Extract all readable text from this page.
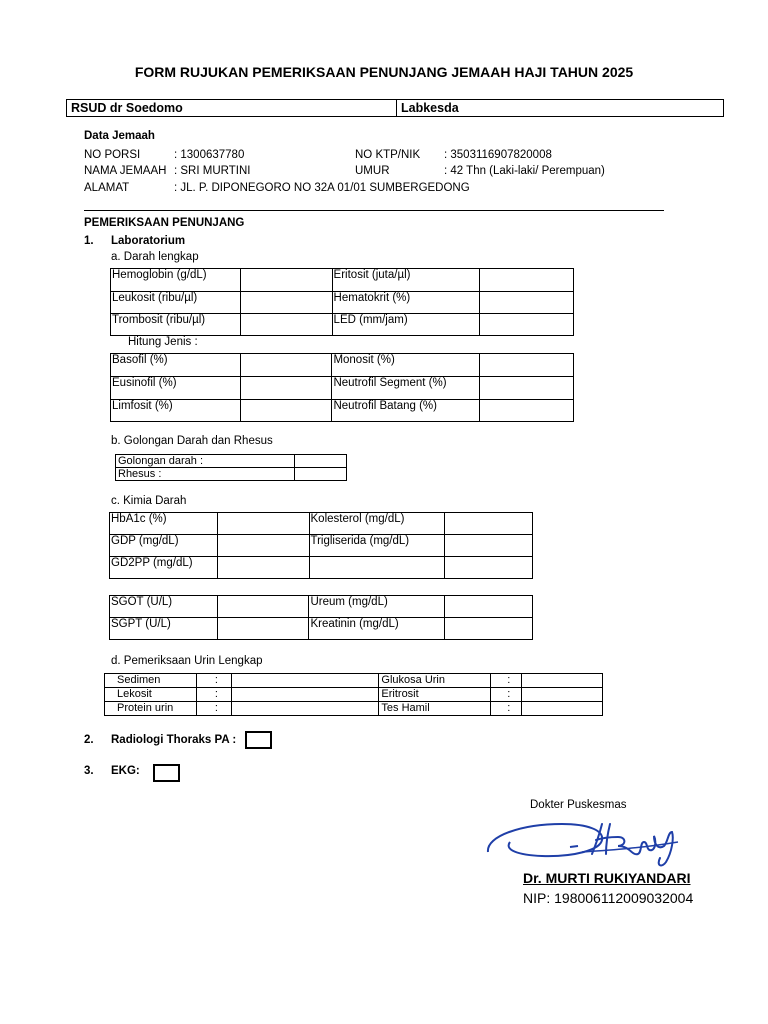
FORM RUJUKAN PEMERIKSAAN PENUNJANG JEMAAH HAJI TAHUN 2025
RSUD dr Soedomo	Labkesda
Data Jemaah
NO PORSI	: 1300637780	NO KTP/NIK : 3503116907820008
NAMA JEMAAH : SRI MURTINI	UMUR	: 42 Thn (Laki-laki/ Perempuan)
ALAMAT	: JL. P. DIPONEGORO NO 32A 01/01 SUMBERGEDONG
PEMERIKSAAN PENUNJANG
1. Laboratorium
a. Darah lengkap
Hemoglobin (g/dL)		Eritosit (juta/µl)	
Leukosit (ribu/µl)		Hematokrit (%)	
Trombosit (ribu/µl)		LED (mm/jam)	
Hitung Jenis :
Basofil (%)		Monosit (%)	
Eusinofil (%)		Neutrofil Segment (%)	
Limfosit (%)		Neutrofil Batang (%)	
b. Golongan Darah dan Rhesus
Golongan darah :	
Rhesus :	
c. Kimia Darah
HbA1c (%)		Kolesterol (mg/dL)	
GDP (mg/dL)		Trigliserida (mg/dL)	
GD2PP (mg/dL)			
SGOT (U/L)		Ureum (mg/dL)	
SGPT (U/L)		Kreatinin (mg/dL)	
d. Pemeriksaan Urin Lengkap
Sedimen	:		Glukosa Urin	:	
Lekosit	:		Eritrosit	:	
Protein urin	:		Tes Hamil	:	
2. Radiologi Thoraks PA :
3. EKG:
Dokter Puskesmas
Dr. MURTI RUKIYANDARI
NIP: 198006112009032004
